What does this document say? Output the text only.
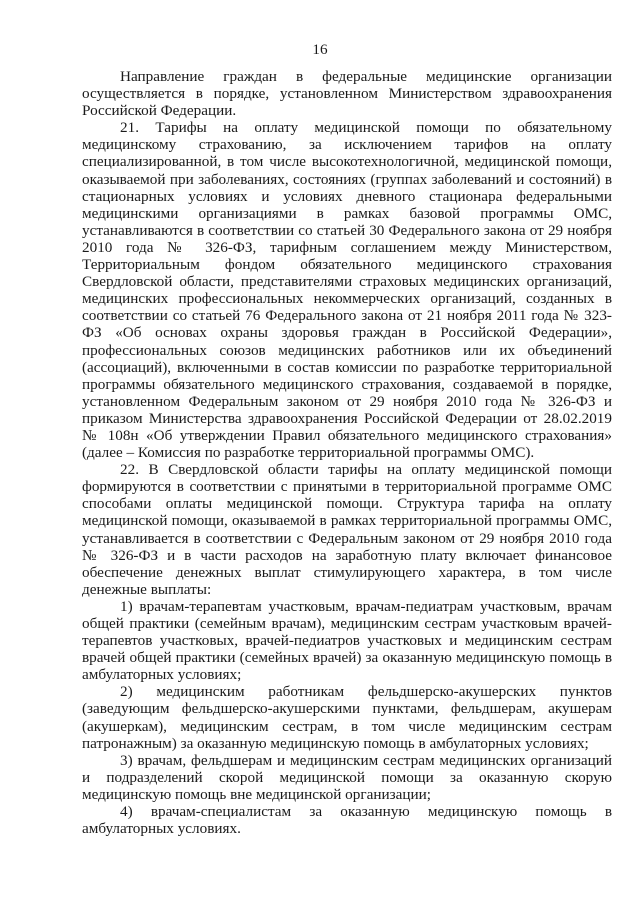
16

Направление граждан в федеральные медицинские организации осуществляется в порядке, установленном Министерством здравоохранения Российской Федерации.

21. Тарифы на оплату медицинской помощи по обязательному медицинскому страхованию, за исключением тарифов на оплату специализированной, в том числе высокотехнологичной, медицинской помощи, оказываемой при заболеваниях, состояниях (группах заболеваний и состояний) в стационарных условиях и условиях дневного стационара федеральными медицинскими организациями в рамках базовой программы ОМС, устанавливаются в соответствии со статьей 30 Федерального закона от 29 ноября 2010 года № 326-ФЗ, тарифным соглашением между Министерством, Территориальным фондом обязательного медицинского страхования Свердловской области, представителями страховых медицинских организаций, медицинских профессиональных некоммерческих организаций, созданных в соответствии со статьей 76 Федерального закона от 21 ноября 2011 года № 323-ФЗ «Об основах охраны здоровья граждан в Российской Федерации», профессиональных союзов медицинских работников или их объединений (ассоциаций), включенными в состав комиссии по разработке территориальной программы обязательного медицинского страхования, создаваемой в порядке, установленном Федеральным законом от 29 ноября 2010 года № 326-ФЗ и приказом Министерства здравоохранения Российской Федерации от 28.02.2019 № 108н «Об утверждении Правил обязательного медицинского страхования» (далее – Комиссия по разработке территориальной программы ОМС).

22. В Свердловской области тарифы на оплату медицинской помощи формируются в соответствии с принятыми в территориальной программе ОМС способами оплаты медицинской помощи. Структура тарифа на оплату медицинской помощи, оказываемой в рамках территориальной программы ОМС, устанавливается в соответствии с Федеральным законом от 29 ноября 2010 года № 326-ФЗ и в части расходов на заработную плату включает финансовое обеспечение денежных выплат стимулирующего характера, в том числе денежные выплаты:

1) врачам-терапевтам участковым, врачам-педиатрам участковым, врачам общей практики (семейным врачам), медицинским сестрам участковым врачей-терапевтов участковых, врачей-педиатров участковых и медицинским сестрам врачей общей практики (семейных врачей) за оказанную медицинскую помощь в амбулаторных условиях;

2) медицинским работникам фельдшерско-акушерских пунктов (заведующим фельдшерско-акушерскими пунктами, фельдшерам, акушерам (акушеркам), медицинским сестрам, в том числе медицинским сестрам патронажным) за оказанную медицинскую помощь в амбулаторных условиях;

3) врачам, фельдшерам и медицинским сестрам медицинских организаций и подразделений скорой медицинской помощи за оказанную скорую медицинскую помощь вне медицинской организации;

4) врачам-специалистам за оказанную медицинскую помощь в амбулаторных условиях.
